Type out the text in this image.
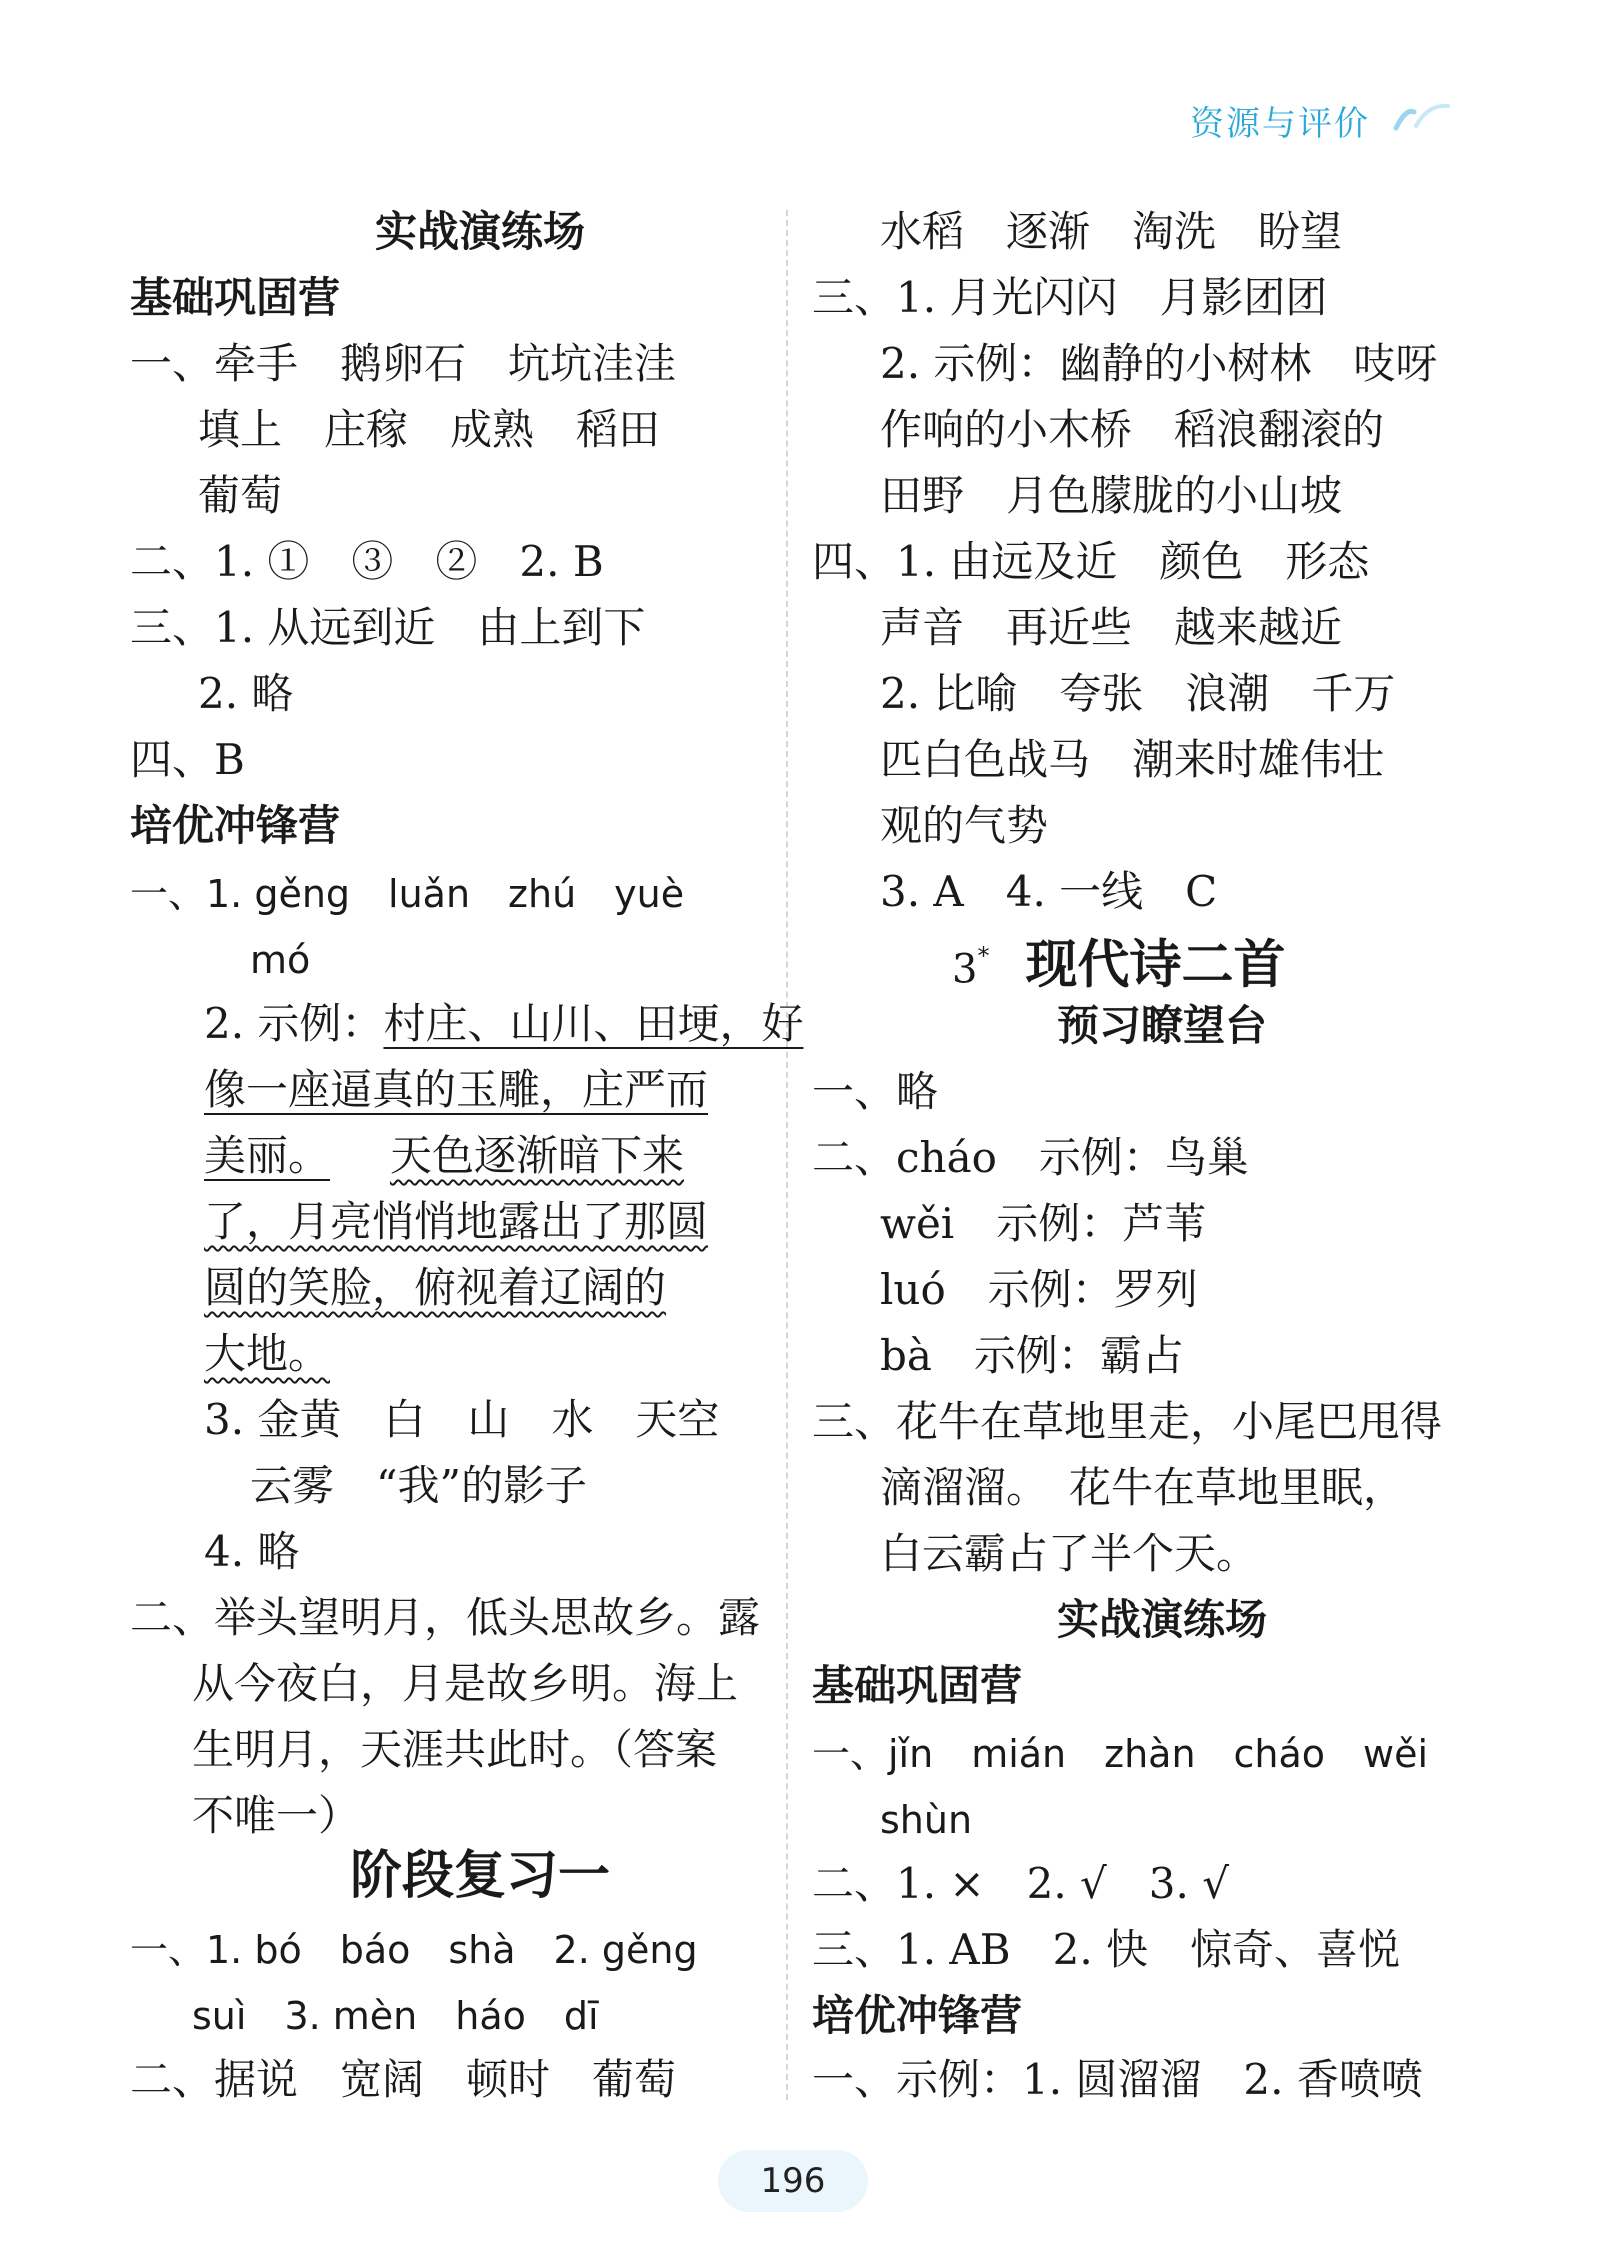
资源与评价
实战演练场
基础巩固营
一、牵手　鹅卵石　坑坑洼洼
填上　庄稼　成熟　稻田
葡萄
二、1. ①　③　②　2. B
三、1. 从远到近　由上到下
2. 略
四、B
培优冲锋营
一、1. gěng　luǎn　zhú　yuè
mó
2. 示例：村庄、山川、田埂，好
像一座逼真的玉雕，庄严而
美丽。 天色逐渐暗下来
了，月亮悄悄地露出了那圆
圆的笑脸，俯视着辽阔的
大地。
3. 金黄　白　山　水　天空
云雾　“我”的影子
4. 略
二、举头望明月，低头思故乡。露
从今夜白，月是故乡明。海上
生明月，天涯共此时。（答案
不唯一）
阶段复习一
一、1. bó　báo　shà　2. gěng
suì　3. mèn　háo　dī
二、据说　宽阔　顿时　葡萄
水稻　逐渐　淘洗　盼望
三、1. 月光闪闪　月影团团
2. 示例：幽静的小树林　吱呀
作响的小木桥　稻浪翻滚的
田野　月色朦胧的小山坡
四、1. 由远及近　颜色　形态
声音　再近些　越来越近
2. 比喻　夸张　浪潮　千万
匹白色战马　潮来时雄伟壮
观的气势
3. A　4. 一线　C
3* 现代诗二首
预习瞭望台
一、略
二、cháo　示例：鸟巢
wěi　示例：芦苇
luó　示例：罗列
bà　示例：霸占
三、花牛在草地里走，小尾巴甩得
滴溜溜。　花牛在草地里眠，
白云霸占了半个天。
实战演练场
基础巩固营
一、jǐn　mián　zhàn　cháo　wěi
shùn
二、1. ×　2. √　3. √
三、1. AB　2. 快　惊奇、喜悦
培优冲锋营
一、示例：1. 圆溜溜　2. 香喷喷
196
